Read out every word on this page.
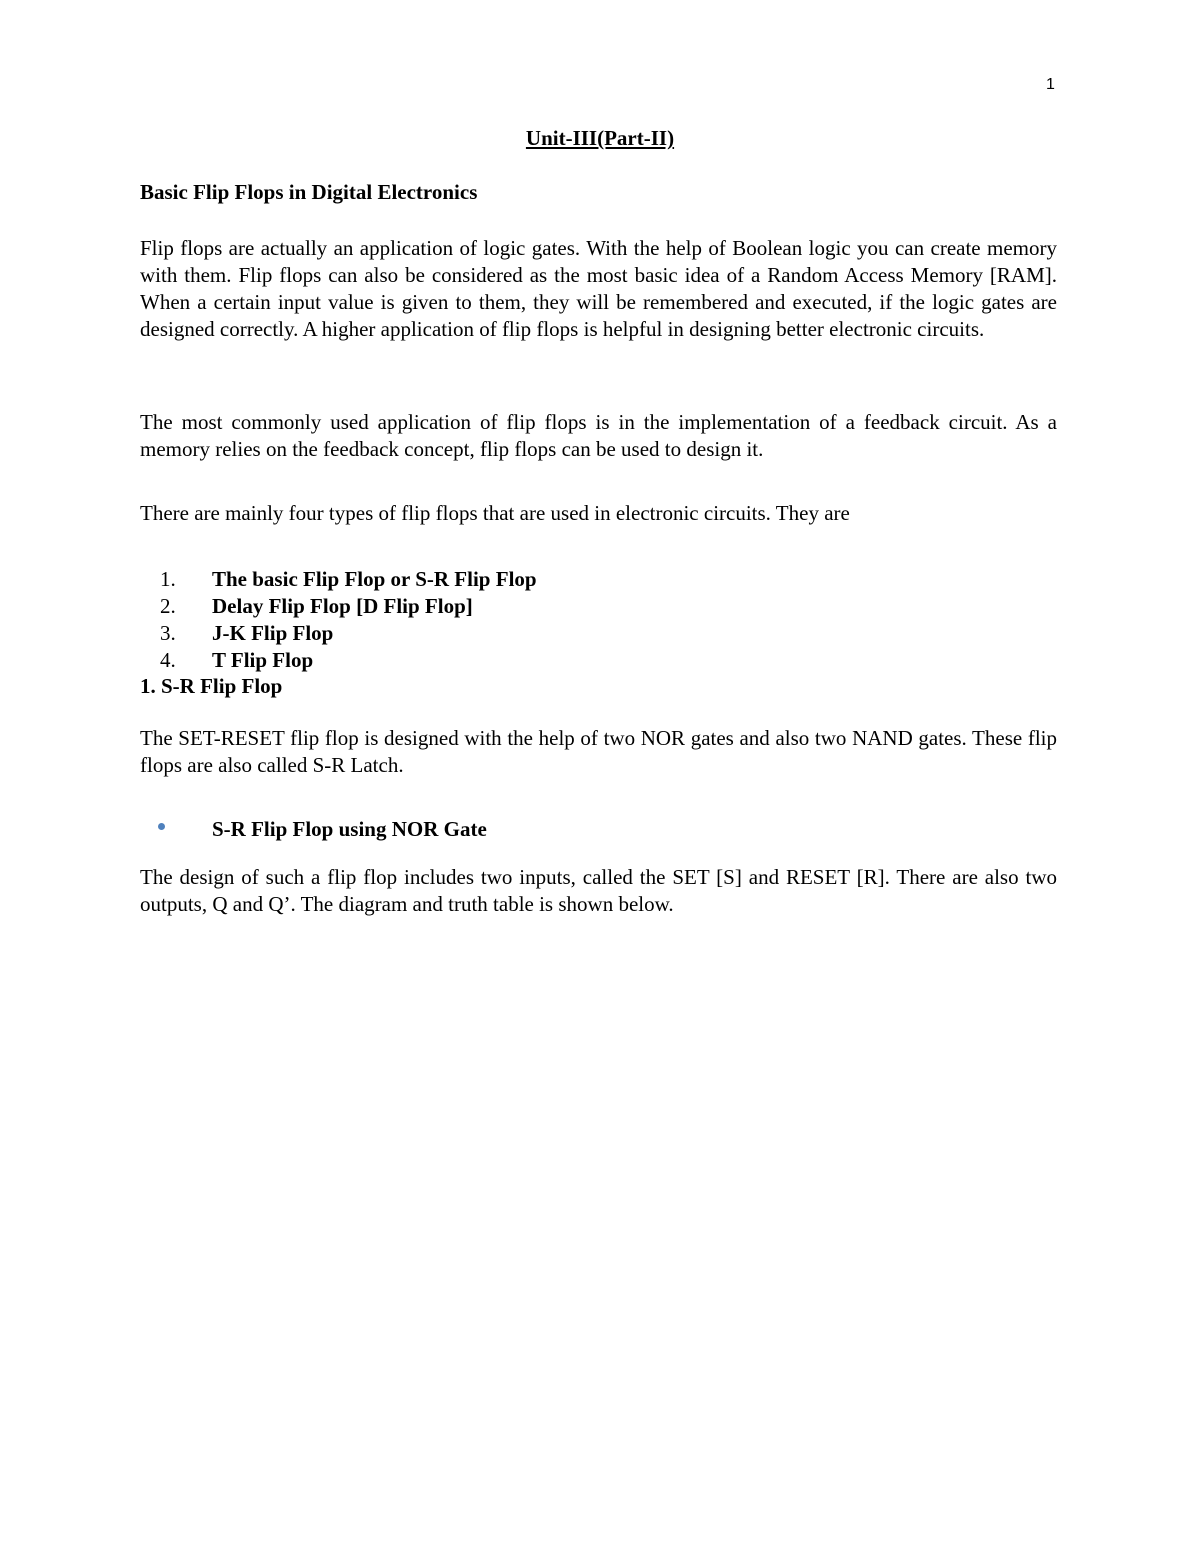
1
Unit-III(Part-II)
Basic Flip Flops in Digital Electronics

Flip flops are actually an application of logic gates. With the help of Boolean logic you can create memory with them. Flip flops can also be considered as the most basic idea of a Random Access Memory [RAM]. When a certain input value is given to them, they will be remembered and executed, if the logic gates are designed correctly. A higher application of flip flops is helpful in designing better electronic circuits.

The most commonly used application of flip flops is in the implementation of a feedback circuit. As a memory relies on the feedback concept, flip flops can be used to design it.

There are mainly four types of flip flops that are used in electronic circuits. They are

1. The basic Flip Flop or S-R Flip Flop
2. Delay Flip Flop [D Flip Flop]
3. J-K Flip Flop
4. T Flip Flop
1. S-R Flip Flop

The SET-RESET flip flop is designed with the help of two NOR gates and also two NAND gates. These flip flops are also called S-R Latch.

S-R Flip Flop using NOR Gate

The design of such a flip flop includes two inputs, called the SET [S] and RESET [R]. There are also two outputs, Q and Q’. The diagram and truth table is shown below.
